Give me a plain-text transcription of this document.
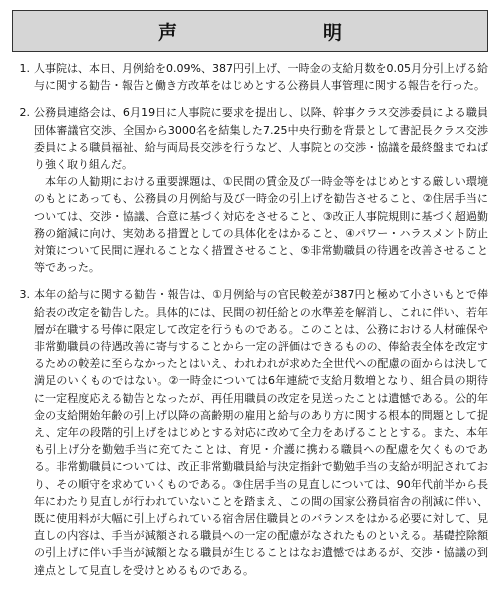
声　　明
1. 人事院は、本日、月例給を0.09%、387円引上げ、一時金の支給月数を0.05月分引上げる給与に関する勧告・報告と働き方改革をはじめとする公務員人事管理に関する報告を行った。

2. 公務員連絡会は、6月19日に人事院に要求を提出し、以降、幹事クラス交渉委員による職員団体審議官交渉、全国から3000名を結集した7.25中央行動を背景として書記長クラス交渉委員による職員福祉、給与両局長交渉を行うなど、人事院との交渉・協議を最終盤までねばり強く取り組んだ。

本年の人勧期における重要課題は、①民間の賃金及び一時金等をはじめとする厳しい環境のもとにあっても、公務員の月例給与及び一時金の引上げを勧告させること、②住居手当については、交渉・協議、合意に基づく対応をさせること、③改正人事院規則に基づく超過勤務の縮減に向け、実効ある措置としての具体化をはかること、④パワー・ハラスメント防止対策について民間に遅れることなく措置させること、⑤非常勤職員の待遇を改善させること等であった。

3. 本年の給与に関する勧告・報告は、①月例給与の官民較差が387円と極めて小さいもとで俸給表の改定を勧告した。具体的には、民間の初任給との水準差を解消し、これに伴い、若年層が在職する号俸に限定して改定を行うものである。このことは、公務における人材確保や非常勤職員の待遇改善に寄与することから一定の評価はできるものの、俸給表全体を改定するための較差に至らなかったとはいえ、われわれが求めた全世代への配慮の面からは決して満足のいくものではない。②一時金については6年連続で支給月数増となり、組合員の期待に一定程度応える勧告となったが、再任用職員の改定を見送ったことは遺憾である。公的年金の支給開始年齢の引上げ以降の高齢期の雇用と給与のあり方に関する根本的問題として捉え、定年の段階的引上げをはじめとする対応に改めて全力をあげることとする。また、本年も引上げ分を勤勉手当に充てたことは、育児・介護に携わる職員への配慮を欠くものである。非常勤職員については、改正非常勤職員給与決定指針で勤勉手当の支給が明記されており、その順守を求めていくものである。③住居手当の見直しについては、90年代前半から長年にわたり見直しが行われていないことを踏まえ、この間の国家公務員宿舎の削減に伴い、既に使用料が大幅に引上げられている宿舎居住職員とのバランスをはかる必要に対して、見直しの内容は、手当が減額される職員への一定の配慮がなされたものといえる。基礎控除額の引上げに伴い手当が減額となる職員が生じることはなお遺憾ではあるが、交渉・協議の到達点として見直しを受けとめるものである。
